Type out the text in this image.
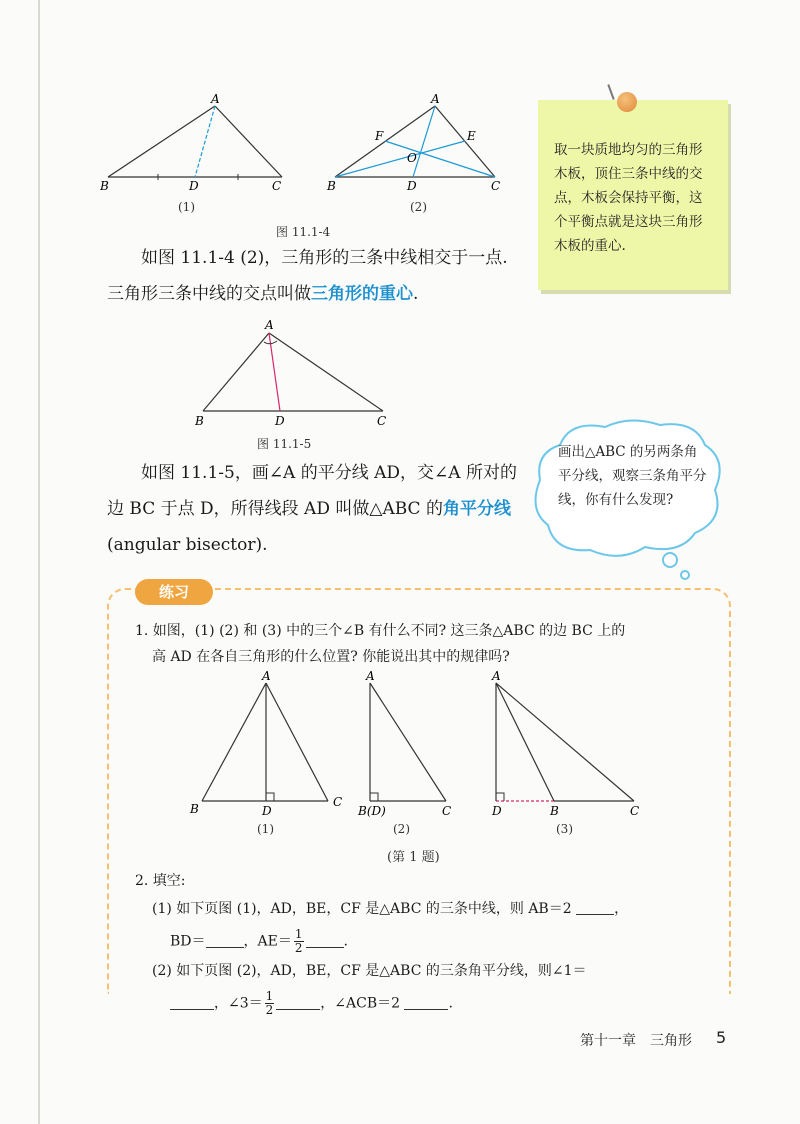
A
B	D	C
(1)
A
B	D	C
E
F
O
(2)
图 11.1-4
如图 11.1-4 (2)，三角形的三条中线相交于一点. 三角形三条中线的交点叫做三角形的重心.
取一块质地均匀的三角形木板，顶住三条中线的交点，木板会保持平衡，这个平衡点就是这块三角形木板的重心.
A
B	D	C
图 11.1-5
如图 11.1-5，画∠A 的平分线 AD，交∠A 所对的边 BC 于点 D，所得线段 AD 叫做△ABC 的角平分线 (angular bisector).
画出△ABC 的另两条角平分线，观察三条角平分线，你有什么发现?
练习
1. 如图，(1) (2) 和 (3) 中的三个∠B 有什么不同? 这三条△ABC 的边 BC 上的
高 AD 在各自三角形的什么位置? 你能说出其中的规律吗?
A
B	D
C
(1)
A
B(D)	C
(2)
A
D	B	C
(3)
(第 1 题)
2. 填空:
(1) 如下页图 (1)，AD，BE，CF 是△ABC 的三条中线，则 AB＝2	，
BD＝	，$AE= \frac{1}{2}$	.
(2) 如下页图 (2)，AD，BE，CF 是△ABC 的三条角平分线，则∠1＝
，∠3＝ $\frac{1}{2}$	，∠ACB＝2	.
第十一章　三角形 5
